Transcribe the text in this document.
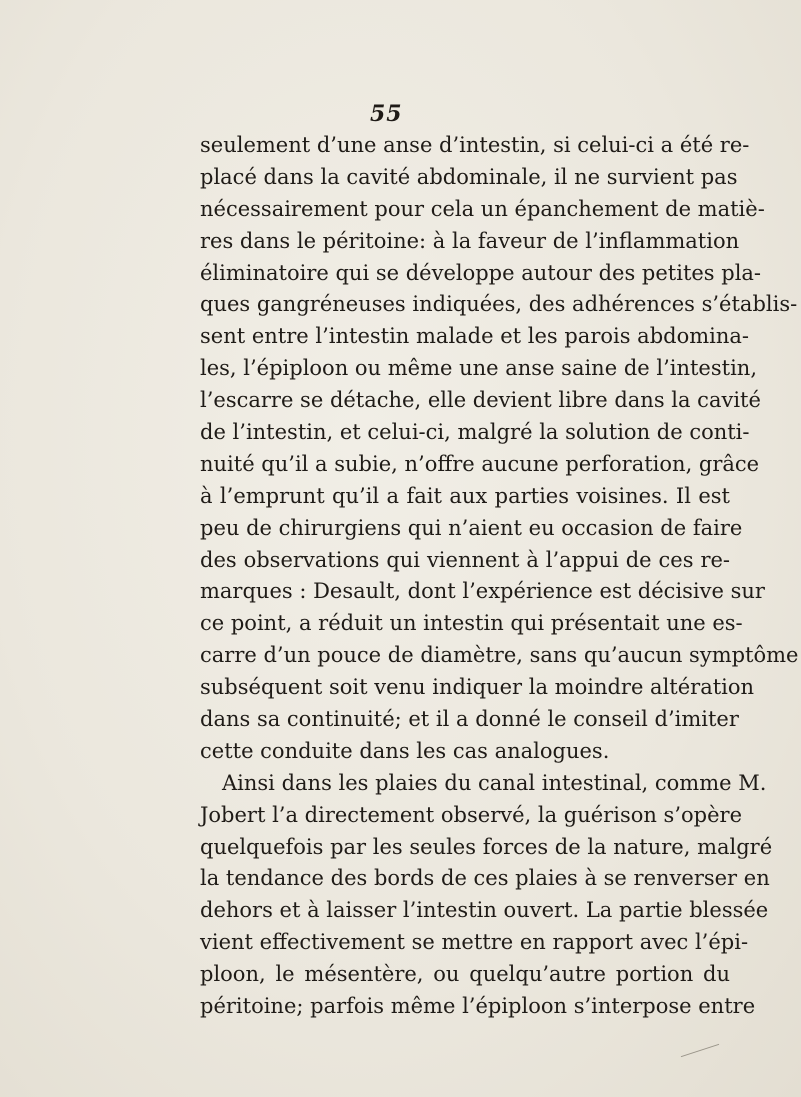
55
seulement d’une anse d’intestin, si celui-ci a été re-
placé dans la cavité abdominale, il ne survient pas
nécessairement pour cela un épanchement de matiè-
res dans le péritoine: à la faveur de l’inflammation
éliminatoire qui se développe autour des petites pla-
ques gangréneuses indiquées, des adhérences s’établis-
sent entre l’intestin malade et les parois abdomina-
les, l’épiploon ou même une anse saine de l’intestin,
l’escarre se détache, elle devient libre dans la cavité
de l’intestin, et celui-ci, malgré la solution de conti-
nuité qu’il a subie, n’offre aucune perforation, grâce
à l’emprunt qu’il a fait aux parties voisines. Il est
peu de chirurgiens qui n’aient eu occasion de faire
des observations qui viennent à l’appui de ces re-
marques : Desault, dont l’expérience est décisive sur
ce point, a réduit un intestin qui présentait une es-
carre d’un pouce de diamètre, sans qu’aucun symptôme
subséquent soit venu indiquer la moindre altération
dans sa continuité; et il a donné le conseil d’imiter
cette conduite dans les cas analogues.
Ainsi dans les plaies du canal intestinal, comme M.
Jobert l’a directement observé, la guérison s’opère
quelquefois par les seules forces de la nature, malgré
la tendance des bords de ces plaies à se renverser en
dehors et à laisser l’intestin ouvert. La partie blessée
vient effectivement se mettre en rapport avec l’épi-
ploon, le mésentère, ou quelqu’autre portion du
péritoine; parfois même l’épiploon s’interpose entre
